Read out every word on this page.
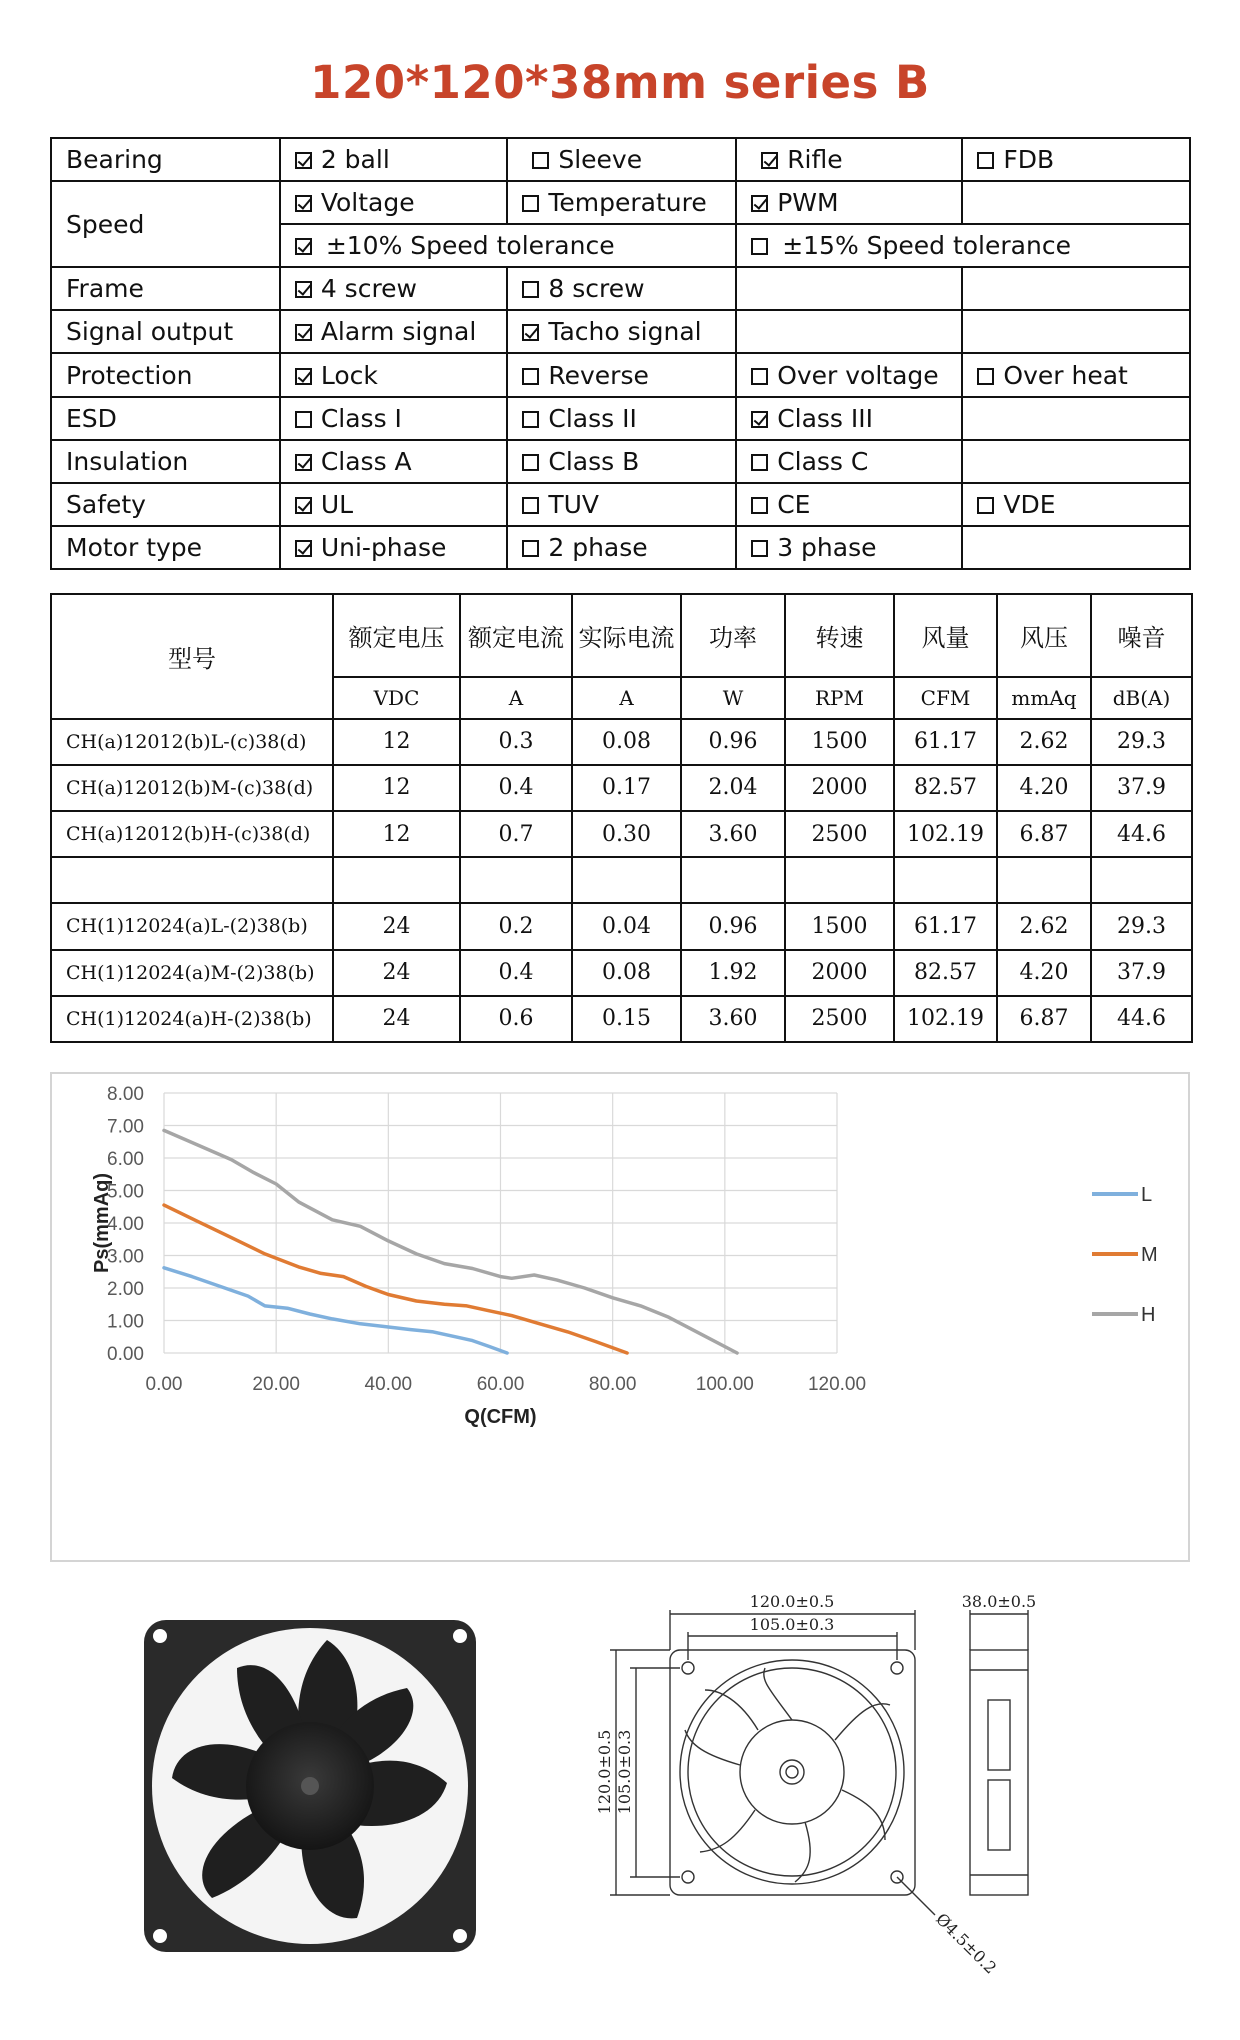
120*120*38mm series B
Bearing	2 ball	Sleeve	Rifle	FDB
Speed	Voltage	Temperature	PWM	
	±10% Speed tolerance		±15% Speed tolerance	
Frame	4 screw	8 screw		
Signal output	Alarm signal	Tacho signal		
Protection	Lock	Reverse	Over voltage	Over heat
ESD	Class I	Class II	Class III	
Insulation	Class A	Class B	Class C	
Safety	UL	TUV	CE	VDE
Motor type	Uni-phase	2 phase	3 phase	
型号	额定电压	额定电流	实际电流	功率	转速	风量	风压	噪音
	VDC	A	A	W	RPM	CFM	mmAq	dB(A)
CH(a)12012(b)L-(c)38(d)	12	0.3	0.08	0.96	1500	61.17	2.62	29.3
CH(a)12012(b)M-(c)38(d)	12	0.4	0.17	2.04	2000	82.57	4.20	37.9
CH(a)12012(b)H-(c)38(d)	12	0.7	0.30	3.60	2500	102.19	6.87	44.6

CH(1)12024(a)L-(2)38(b)	24	0.2	0.04	0.96	1500	61.17	2.62	29.3
CH(1)12024(a)M-(2)38(b)	24	0.4	0.08	1.92	2000	82.57	4.20	37.9
CH(1)12024(a)H-(2)38(b)	24	0.6	0.15	3.60	2500	102.19	6.87	44.6
0.00
1.00
2.00
3.00
4.00
5.00
6.00
7.00
8.00
0.00	20.00	40.00	60.00	80.00	100.00	120.00
Q(CFM)
Ps(mmAq)	L
M
H
120.0±0.5
105.0±0.3
38.0±0.5
120.0±0.5 105.0±0.3
Ø4.5±0.2
